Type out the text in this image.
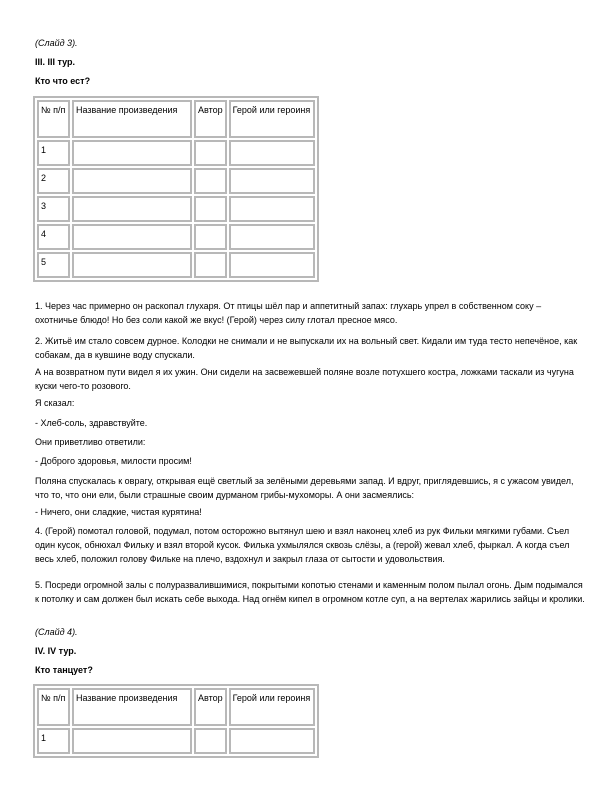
(Слайд 3).
III. III тур.
Кто что ест?
№ п/п	Название произведения	Автор	Герой или героиня
1			
2			
3			
4			
5			
1. Через час примерно он раскопал глухаря. От птицы шёл пар и аппетитный запах: глухарь упрел в собственном соку – охотничье блюдо! Но без соли какой же вкус! (Герой) через силу глотал пресное мясо.
2. Житьё им стало совсем дурное. Колодки не снимали и не выпускали их на вольный свет. Кидали им туда тесто непечёное, как собакам, да в кувшине воду спускали.
А на возвратном пути видел я их ужин. Они сидели на засвежевшей поляне возле потухшего костра, ложками таскали из чугуна куски чего-то розового.
Я сказал:
- Хлеб-соль, здравствуйте.
Они приветливо ответили:
- Доброго здоровья, милости просим!
Поляна спускалась к оврагу, открывая ещё светлый за зелёными деревьями запад. И вдруг, приглядевшись, я с ужасом увидел, что то, что они ели, были страшные своим дурманом грибы-мухоморы. А они засмеялись:
- Ничего, они сладкие, чистая курятина!
4. (Герой) помотал головой, подумал, потом осторожно вытянул шею и взял наконец хлеб из рук Фильки мягкими губами. Съел один кусок, обнюхал Фильку и взял второй кусок. Филька ухмылялся сквозь слёзы, а (герой) жевал хлеб, фыркал. А когда съел весь хлеб, положил голову Фильке на плечо, вздохнул и закрыл глаза от сытости и удовольствия.
5. Посреди огромной залы с полуразвалившимися, покрытыми копотью стенами и каменным полом пылал огонь. Дым подымался к потолку и сам должен был искать себе выхода. Над огнём кипел в огромном котле суп, а на вертелах жарились зайцы и кролики.
(Слайд 4).
IV. IV тур.
Кто танцует?
№ п/п	Название произведения	Автор	Герой или героиня
1			
